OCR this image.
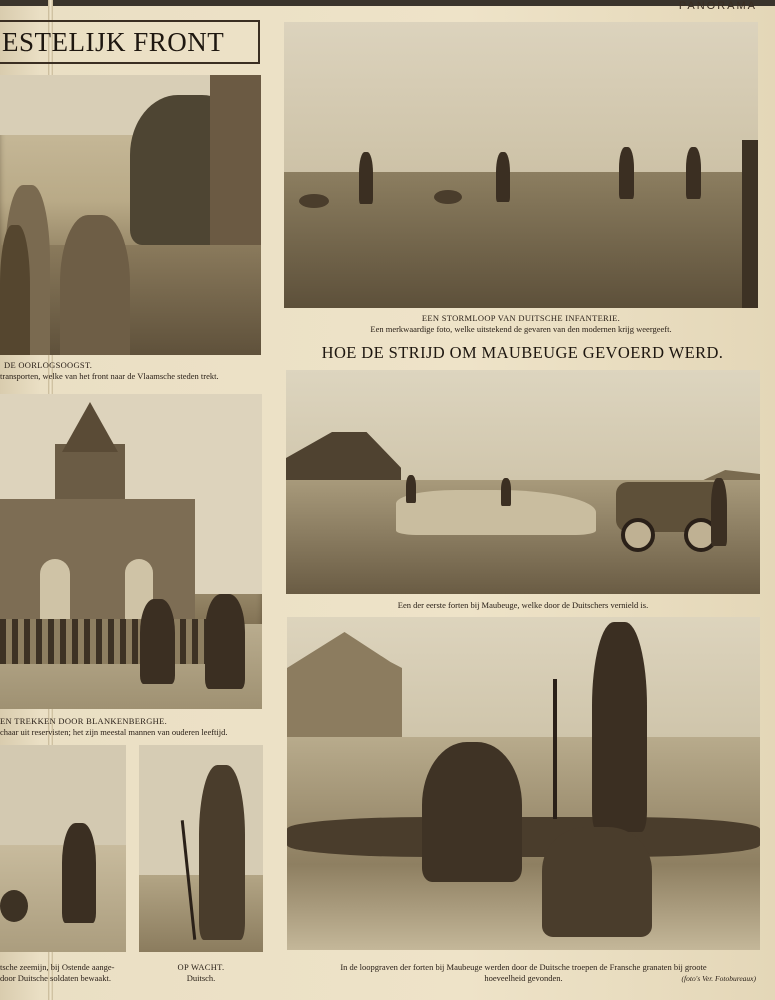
PANORAMA
ESTELIJK FRONT
DE OORLOGSOOGST.
transporten, welke van het front naar de Vlaamsche steden trekt.
EN TREKKEN DOOR BLANKENBERGHE.
chaar uit reservisten; het zijn meestal mannen van ouderen leeftijd.
tsche zeemijn, bij Ostende aange-
door Duitsche soldaten bewaakt.
OP WACHT.
Duitsch.
EEN STORMLOOP VAN DUITSCHE INFANTERIE.
Een merkwaardige foto, welke uitstekend de gevaren van den modernen krijg weergeeft.
HOE DE STRIJD OM MAUBEUGE GEVOERD WERD.
Een der eerste forten bij Maubeuge, welke door de Duitschers vernield is.
In de loopgraven der forten bij Maubeuge werden door de Duitsche troepen de Fransche granaten bij groote
hoeveelheid gevonden.	(foto's Ver. Fotobureaux)
